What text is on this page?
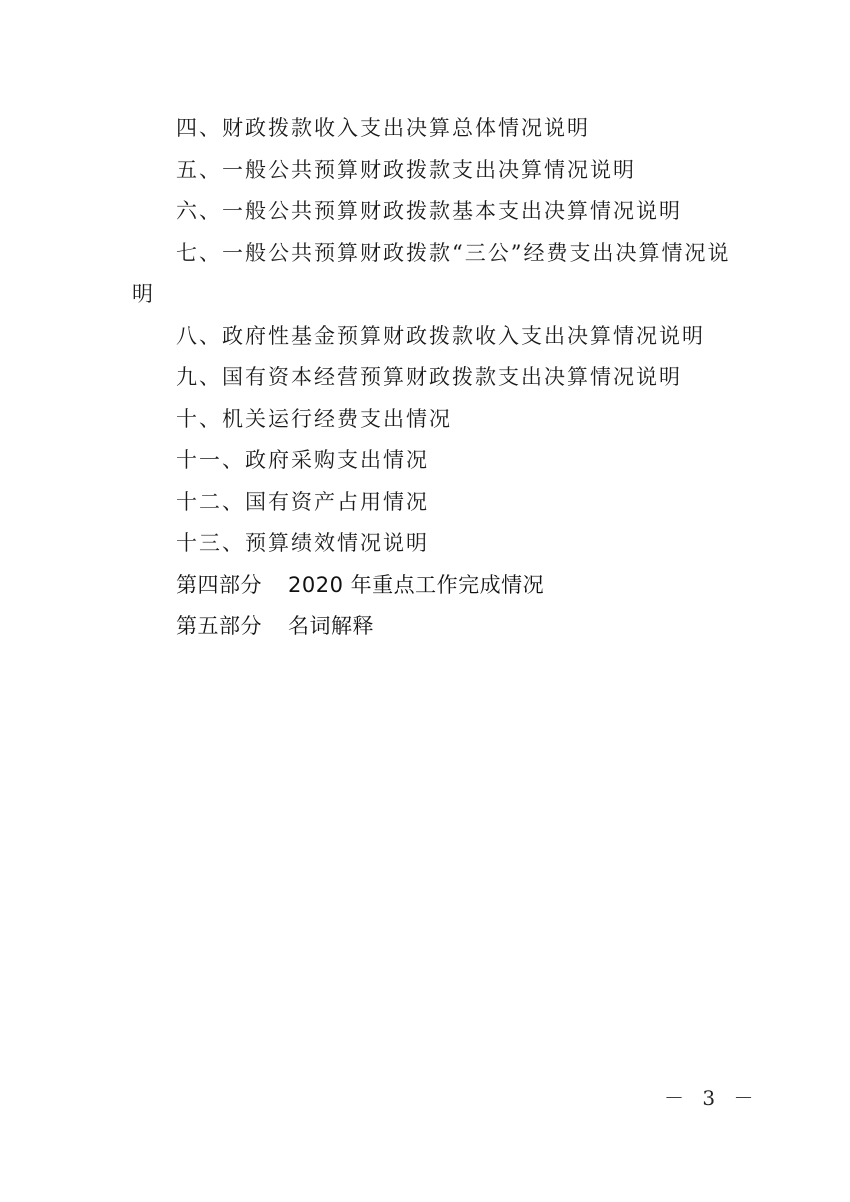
四、财政拨款收入支出决算总体情况说明
五、一般公共预算财政拨款支出决算情况说明
六、一般公共预算财政拨款基本支出决算情况说明
七、一般公共预算财政拨款“三公”经费支出决算情况说明
八、政府性基金预算财政拨款收入支出决算情况说明
九、国有资本经营预算财政拨款支出决算情况说明
十、机关运行经费支出情况
十一、政府采购支出情况
十二、国有资产占用情况
十三、预算绩效情况说明
第四部分 2020 年重点工作完成情况
第五部分 名词解释
－ 3 －
